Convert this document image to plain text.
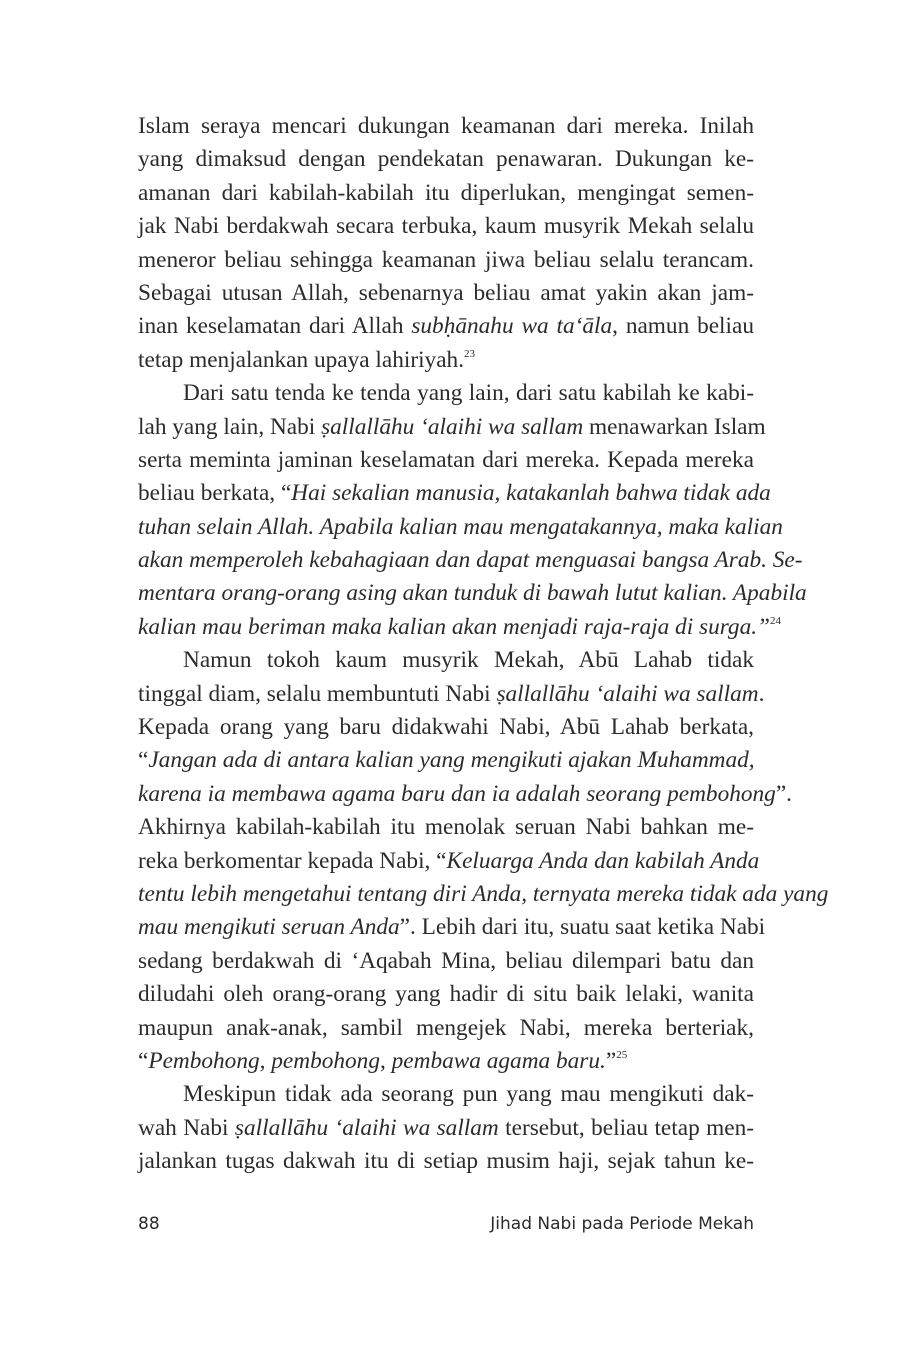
Islam seraya mencari dukungan keamanan dari mereka. Inilah
yang dimaksud dengan pendekatan penawaran. Dukungan ke-
amanan dari kabilah-kabilah itu diperlukan, mengingat semen-
jak Nabi berdakwah secara terbuka, kaum musyrik Mekah selalu
meneror beliau sehingga keamanan jiwa beliau selalu terancam.
Sebagai utusan Allah, sebenarnya beliau amat yakin akan jam-
inan keselamatan dari Allah subḥānahu wa ta‘āla, namun beliau
tetap menjalankan upaya lahiriyah.$^{23}$
Dari satu tenda ke tenda yang lain, dari satu kabilah ke kabi-
lah yang lain, Nabi ṣallallāhu ‘alaihi wa sallam menawarkan Islam
serta meminta jaminan keselamatan dari mereka. Kepada mereka
beliau berkata, “Hai sekalian manusia, katakanlah bahwa tidak ada
tuhan selain Allah. Apabila kalian mau mengatakannya, maka kalian
akan memperoleh kebahagiaan dan dapat menguasai bangsa Arab. Se-
mentara orang-orang asing akan tunduk di bawah lutut kalian. Apabila
kalian mau beriman maka kalian akan menjadi raja-raja di surga.”$^{24}$
Namun tokoh kaum musyrik Mekah, Abū Lahab tidak
tinggal diam, selalu membuntuti Nabi ṣallallāhu ‘alaihi wa sallam.
Kepada orang yang baru didakwahi Nabi, Abū Lahab berkata,
“Jangan ada di antara kalian yang mengikuti ajakan Muhammad,
karena ia membawa agama baru dan ia adalah seorang pembohong”.
Akhirnya kabilah-kabilah itu menolak seruan Nabi bahkan me-
reka berkomentar kepada Nabi, “Keluarga Anda dan kabilah Anda
tentu lebih mengetahui tentang diri Anda, ternyata mereka tidak ada yang
mau mengikuti seruan Anda”. Lebih dari itu, suatu saat ketika Nabi
sedang berdakwah di ‘Aqabah Mina, beliau dilempari batu dan
diludahi oleh orang-orang yang hadir di situ baik lelaki, wanita
maupun anak-anak, sambil mengejek Nabi, mereka berteriak,
“Pembohong, pembohong, pembawa agama baru.”$^{25}$
Meskipun tidak ada seorang pun yang mau mengikuti dak-
wah Nabi ṣallallāhu ‘alaihi wa sallam tersebut, beliau tetap men-
jalankan tugas dakwah itu di setiap musim haji, sejak tahun ke-
88	Jihad Nabi pada Periode Mekah
